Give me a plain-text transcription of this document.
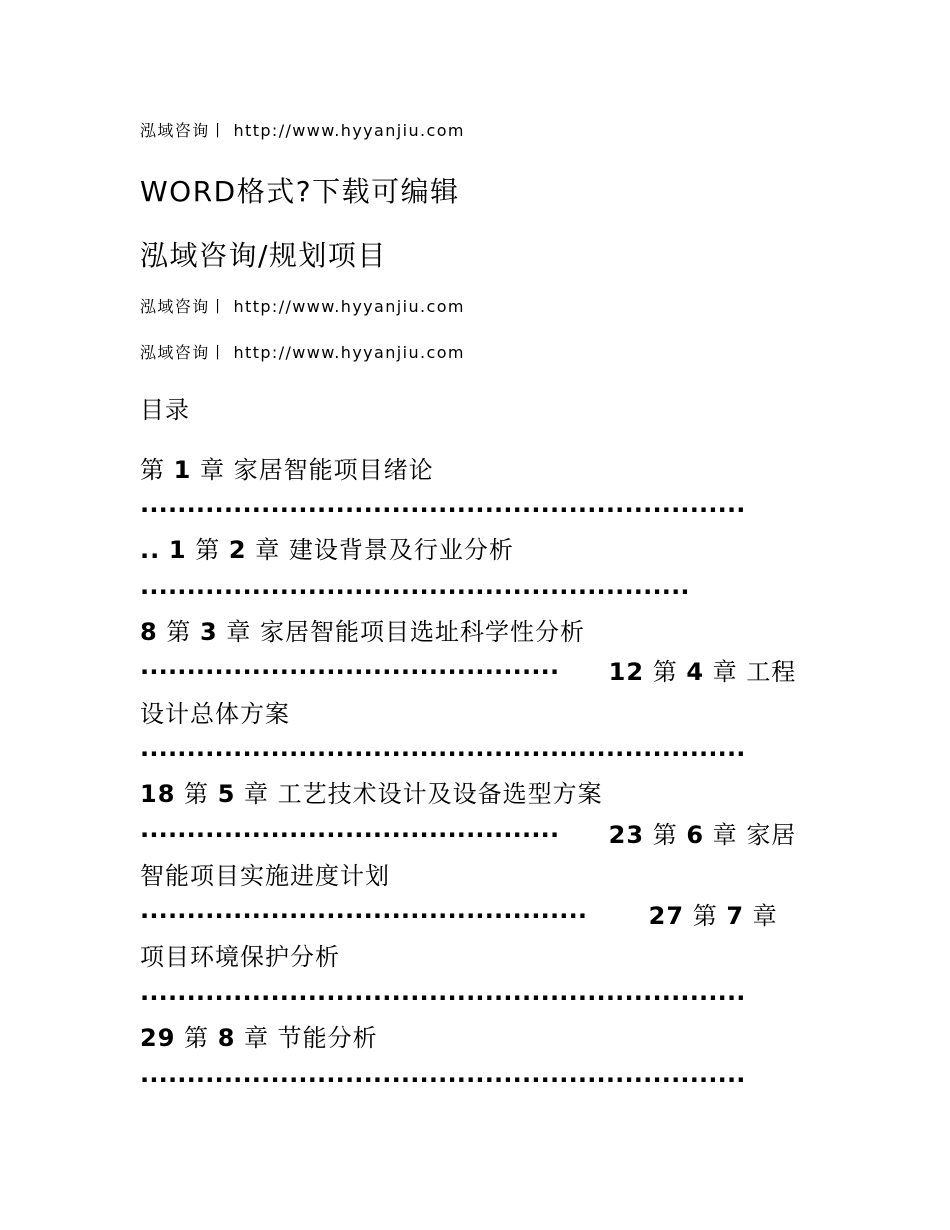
泓域咨询丨 http://www.hyyanjiu.com
WORD格式?下载可编辑
泓域咨询/规划项目
泓域咨询丨 http://www.hyyanjiu.com
泓域咨询丨 http://www.hyyanjiu.com
目录
第 1 章 家居智能项目绪论
.................................................................
.. 1 第 2 章 建设背景及行业分析
...........................................................
8 第 3 章 家居智能项目选址科学性分析
............................................. 12 第 4 章 工程
设计总体方案
.................................................................
18 第 5 章 工艺技术设计及设备选型方案
............................................. 23 第 6 章 家居
智能项目实施进度计划
................................................	27 第 7 章
项目环境保护分析
.................................................................
29 第 8 章 节能分析
.................................................................
